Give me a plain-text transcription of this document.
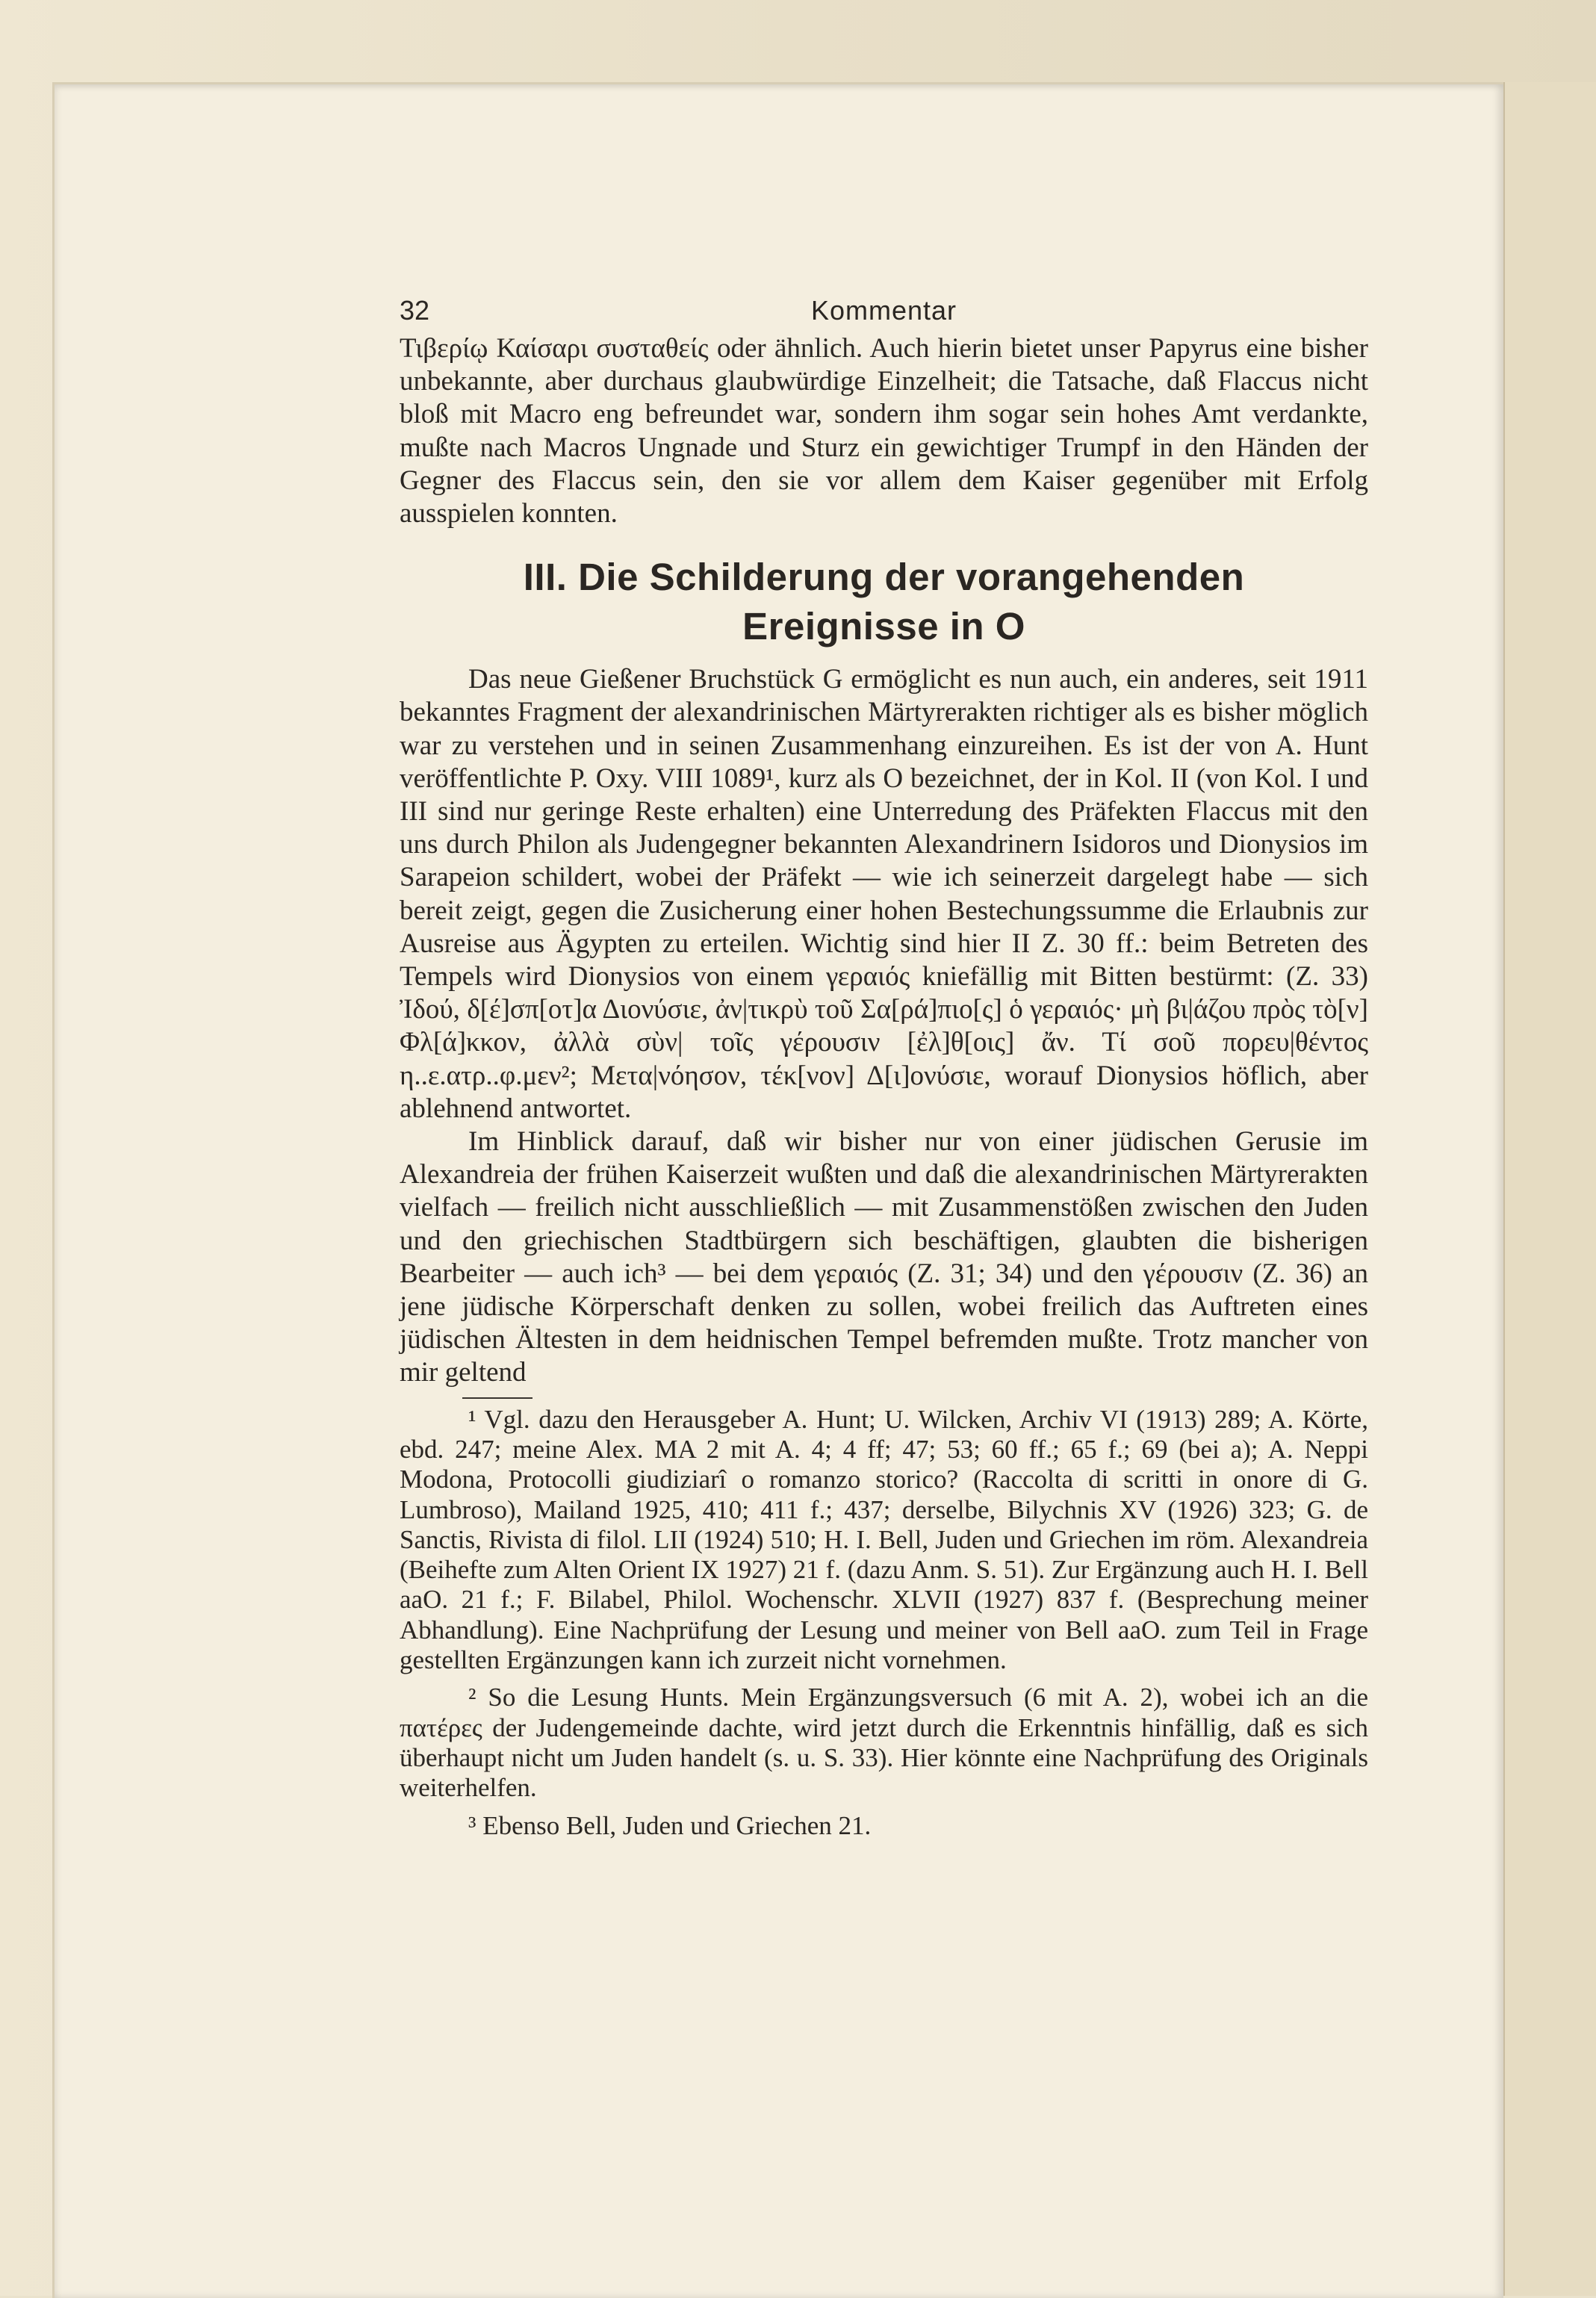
32	Kommentar

Τιβερίῳ Καίσαρι συσταθείς oder ähnlich. Auch hierin bietet unser Papyrus eine bisher unbekannte, aber durchaus glaubwürdige Einzelheit; die Tatsache, daß Flaccus nicht bloß mit Macro eng befreundet war, sondern ihm sogar sein hohes Amt verdankte, mußte nach Macros Ungnade und Sturz ein gewichtiger Trumpf in den Händen der Gegner des Flaccus sein, den sie vor allem dem Kaiser gegenüber mit Erfolg ausspielen konnten.

III. Die Schilderung der vorangehenden
Ereignisse in O

Das neue Gießener Bruchstück G ermöglicht es nun auch, ein anderes, seit 1911 bekanntes Fragment der alexandrinischen Märtyrerakten richtiger als es bisher möglich war zu verstehen und in seinen Zusammenhang einzureihen. Es ist der von A. Hunt veröffentlichte P. Oxy. VIII 1089¹, kurz als O bezeichnet, der in Kol. II (von Kol. I und III sind nur geringe Reste erhalten) eine Unterredung des Präfekten Flaccus mit den uns durch Philon als Judengegner bekannten Alexandrinern Isidoros und Dionysios im Sarapeion schildert, wobei der Präfekt — wie ich seinerzeit dargelegt habe — sich bereit zeigt, gegen die Zusicherung einer hohen Bestechungssumme die Erlaubnis zur Ausreise aus Ägypten zu erteilen. Wichtig sind hier II Z. 30 ff.: beim Betreten des Tempels wird Dionysios von einem γεραιός kniefällig mit Bitten bestürmt: (Z. 33) Ἰδού, δ[έ]σπ[οτ]α Διονύσιε, ἀν|τικρὺ τοῦ Σα[ρά]πιο[ς] ὁ γεραιός· μὴ βι|άζου πρὸς τὸ[ν] Φλ[ά]κκον, ἀλλὰ σὺν| τοῖς γέρουσιν [ἐλ]θ[οις] ἄν. Τί σοῦ πορευ|θέντος η..ε.ατρ..φ.μεν²; Μετα|νόησον, τέκ[νον] Δ[ι]ονύσιε, worauf Dionysios höflich, aber ablehnend antwortet.

Im Hinblick darauf, daß wir bisher nur von einer jüdischen Gerusie im Alexandreia der frühen Kaiserzeit wußten und daß die alexandrinischen Märtyrerakten vielfach — freilich nicht ausschließlich — mit Zusammenstößen zwischen den Juden und den griechischen Stadtbürgern sich beschäftigen, glaubten die bisherigen Bearbeiter — auch ich³ — bei dem γεραιός (Z. 31; 34) und den γέρουσιν (Z. 36) an jene jüdische Körperschaft denken zu sollen, wobei freilich das Auftreten eines jüdischen Ältesten in dem heidnischen Tempel befremden mußte. Trotz mancher von mir geltend

¹ Vgl. dazu den Herausgeber A. Hunt; U. Wilcken, Archiv VI (1913) 289; A. Körte, ebd. 247; meine Alex. MA 2 mit A. 4; 4 ff; 47; 53; 60 ff.; 65 f.; 69 (bei a); A. Neppi Modona, Protocolli giudiziarî o romanzo storico? (Raccolta di scritti in onore di G. Lumbroso), Mailand 1925, 410; 411 f.; 437; derselbe, Bilychnis XV (1926) 323; G. de Sanctis, Rivista di filol. LII (1924) 510; H. I. Bell, Juden und Griechen im röm. Alexandreia (Beihefte zum Alten Orient IX 1927) 21 f. (dazu Anm. S. 51). Zur Ergänzung auch H. I. Bell aaO. 21 f.; F. Bilabel, Philol. Wochenschr. XLVII (1927) 837 f. (Besprechung meiner Abhandlung). Eine Nachprüfung der Lesung und meiner von Bell aaO. zum Teil in Frage gestellten Ergänzungen kann ich zurzeit nicht vornehmen.

² So die Lesung Hunts. Mein Ergänzungsversuch (6 mit A. 2), wobei ich an die πατέρες der Judengemeinde dachte, wird jetzt durch die Erkenntnis hinfällig, daß es sich überhaupt nicht um Juden handelt (s. u. S. 33). Hier könnte eine Nachprüfung des Originals weiterhelfen.

³ Ebenso Bell, Juden und Griechen 21.
